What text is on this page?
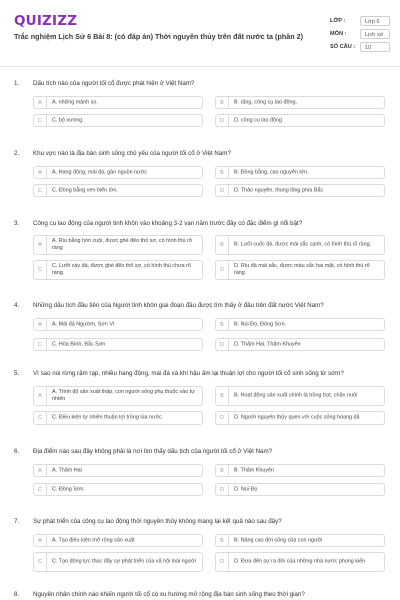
QUIZIZZ
Trắc nghiệm Lịch Sử 6 Bài 8: (có đáp án) Thời nguyên thủy trên đất nước ta (phần 2)
LỚP :	Lớp 6
MÔN :	Lịch sử
SỐ CÂU :	10
1. Dấu tích nào của người tối cổ được phát hiện ở Việt Nam?
A	A. những mảnh sọ.	B	B. răng, công cụ lao động,
C	C. bộ xương.	D	D. công cụ lao động
2. Khu vực nào là địa bàn sinh sống chủ yếu của người tối cổ ở Việt Nam?
A	A. Hang động, mái đá, gần nguồn nước	B	B. Đồng bằng, cao nguyên lớn.
C	C. Đồng bằng ven biển lớn.	D	D. Thảo nguyên, thung lũng phía Bắc
3. Công cụ lao động của người tinh khôn vào khoảng 3-2 vạn năm trước đây có đặc điểm gì nổi bật?
A
A. Rìu bằng hòn cuội, được ghè đẽo thô sơ, có hình thù rõ ràng	B	B. Lưỡi cuốc đá, được mài sắc cạnh, có hình thù rõ ràng.
C
C. Lưỡi cày đá, được ghè đẽo thô sơ, có hình thù chưa rõ ràng.	D
D. Rìu đá mài sắc, được màu sắc hai mặt, có hình thù rõ ràng
4. Những dấu tích đầu tiên của Người tinh khôn giai đoạn đầu được tìm thấy ở đâu trên đất nước Việt Nam?
A	A. Mái đá Ngườm, Sơn Vi	B	B. Núi Đọ, Đông Sơn.
C	C. Hòa Bình, Bắc Sơn	D	D. Thẩm Hai, Thẩm Khuyên
5. Vì sao núi rừng rậm rạp, nhiều hang động, mái đá và khí hậu ấm lại thuận lợi cho người tối cổ sinh sống từ sớm?
A
A. Trình độ sản xuất thấp, con người sống phụ thuộc vào tự nhiên	B	B. Hoạt động sản xuất chính là trồng trọt, chăn nuôi
C	C. Điều kiện tự nhiên thuận lợi trồng lúa nước	D	D. Người nguyên thủy quen với cuộc sống hoang dã
6. Địa điểm nào sau đây không phải là nơi tìm thấy dấu tích của người tối cổ ở Việt Nam?
A	A. Thẩm Hai	B	B. Thẩm Khuyên
C	C. Đồng Sơn.	D	D. Núi Đọ
7. Sự phát triển của công cụ lao động thời nguyên thủy không mang lại kết quả nào sau đây?
A	A. Tạo điều kiện mở rộng sản xuất	B	B. Nâng cao đời sống của con người
C	C. Tạo động lực thúc đẩy sự phát triển của xã hội loài người	D	D. Đưa đến sự ra đời của những nhà nước phong kiến
8. Nguyên nhân chính nào khiến người tối cổ có xu hướng mở rộng địa bàn sinh sống theo thời gian?
